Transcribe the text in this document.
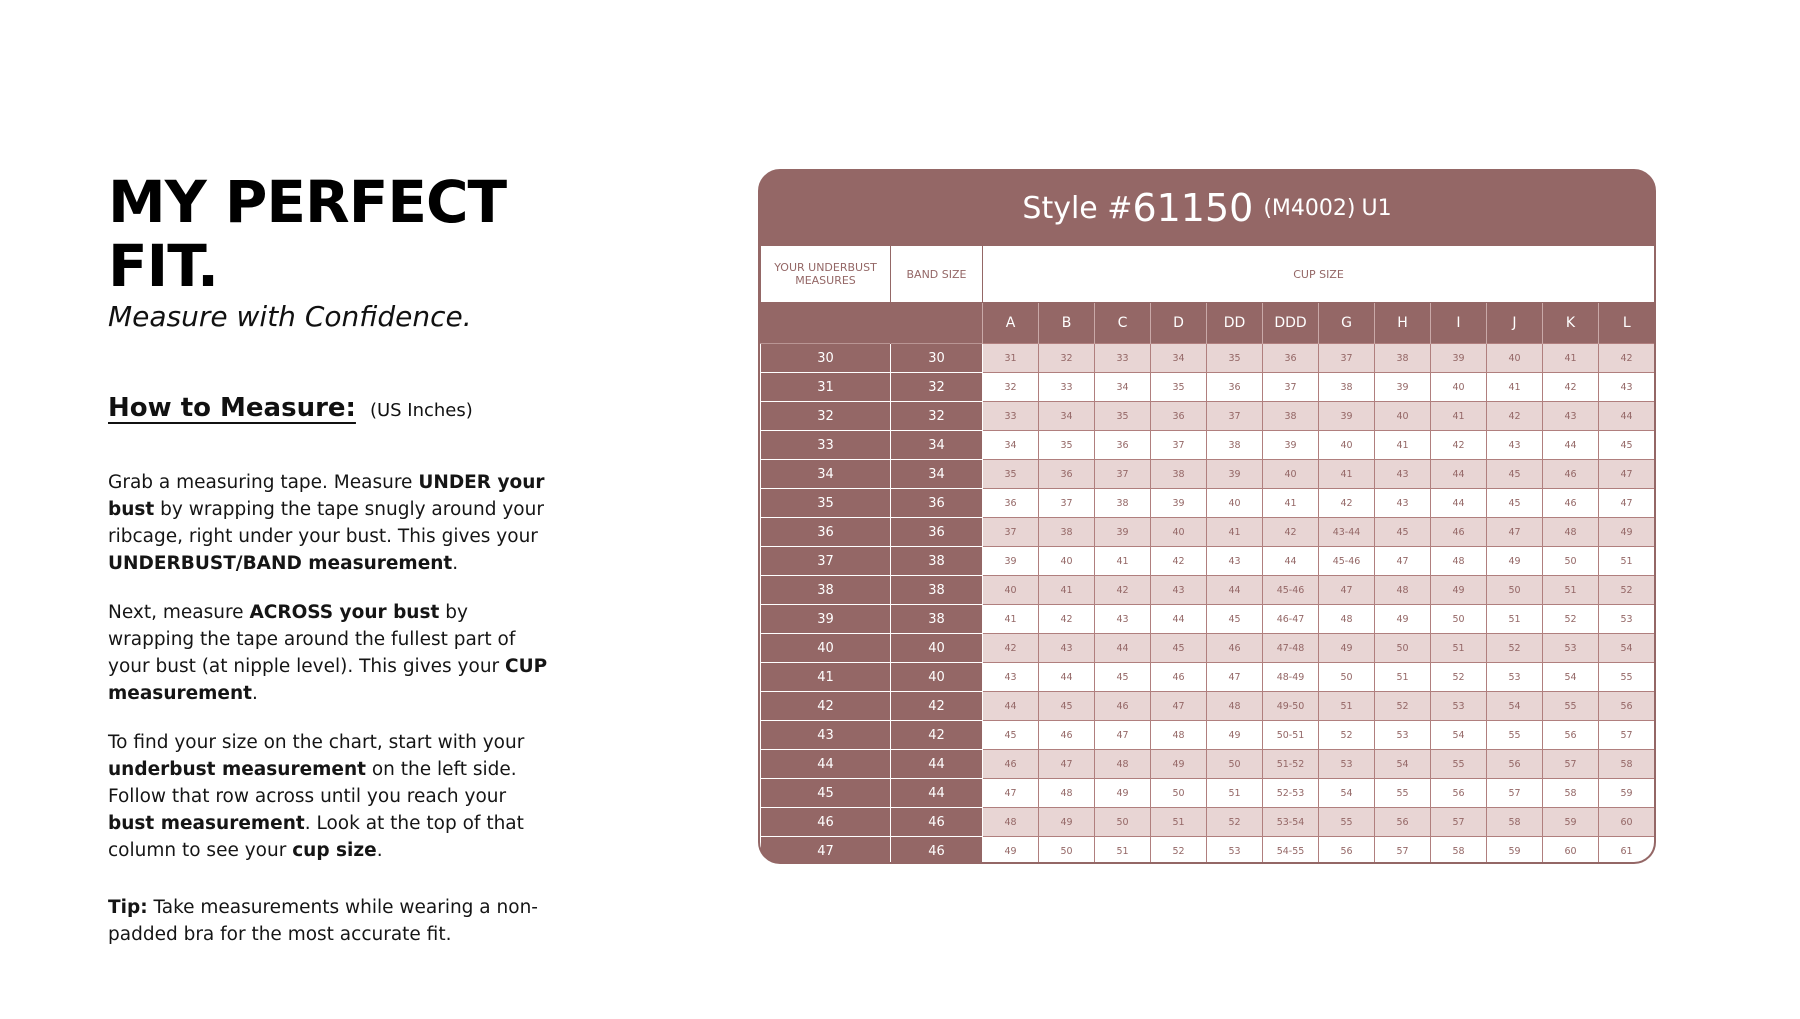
MY PERFECT FIT.
Measure with Confidence.
How to Measure: (US Inches)
Grab a measuring tape. Measure UNDER your bust by wrapping the tape snugly around your ribcage, right under your bust. This gives your UNDERBUST/BAND measurement.
Next, measure ACROSS your bust by wrapping the tape around the fullest part of your bust (at nipple level). This gives your CUP measurement.
To find your size on the chart, start with your underbust measurement on the left side. Follow that row across until you reach your bust measurement. Look at the top of that column to see your cup size.
Tip: Take measurements while wearing a non-padded bra for the most accurate fit.
Style # 61150 (M4002) U1
YOUR UNDERBUST MEASURES	BAND SIZE	CUP SIZE											
		A	B	C	D	DD	DDD	G	H	I	J	K	L
30	30	31	32	33	34	35	36	37	38	39	40	41	42
31	32	32	33	34	35	36	37	38	39	40	41	42	43
32	32	33	34	35	36	37	38	39	40	41	42	43	44
33	34	34	35	36	37	38	39	40	41	42	43	44	45
34	34	35	36	37	38	39	40	41	43	44	45	46	47
35	36	36	37	38	39	40	41	42	43	44	45	46	47
36	36	37	38	39	40	41	42	43-44	45	46	47	48	49
37	38	39	40	41	42	43	44	45-46	47	48	49	50	51
38	38	40	41	42	43	44	45-46	47	48	49	50	51	52
39	38	41	42	43	44	45	46-47	48	49	50	51	52	53
40	40	42	43	44	45	46	47-48	49	50	51	52	53	54
41	40	43	44	45	46	47	48-49	50	51	52	53	54	55
42	42	44	45	46	47	48	49-50	51	52	53	54	55	56
43	42	45	46	47	48	49	50-51	52	53	54	55	56	57
44	44	46	47	48	49	50	51-52	53	54	55	56	57	58
45	44	47	48	49	50	51	52-53	54	55	56	57	58	59
46	46	48	49	50	51	52	53-54	55	56	57	58	59	60
47	46	49	50	51	52	53	54-55	56	57	58	59	60	61
